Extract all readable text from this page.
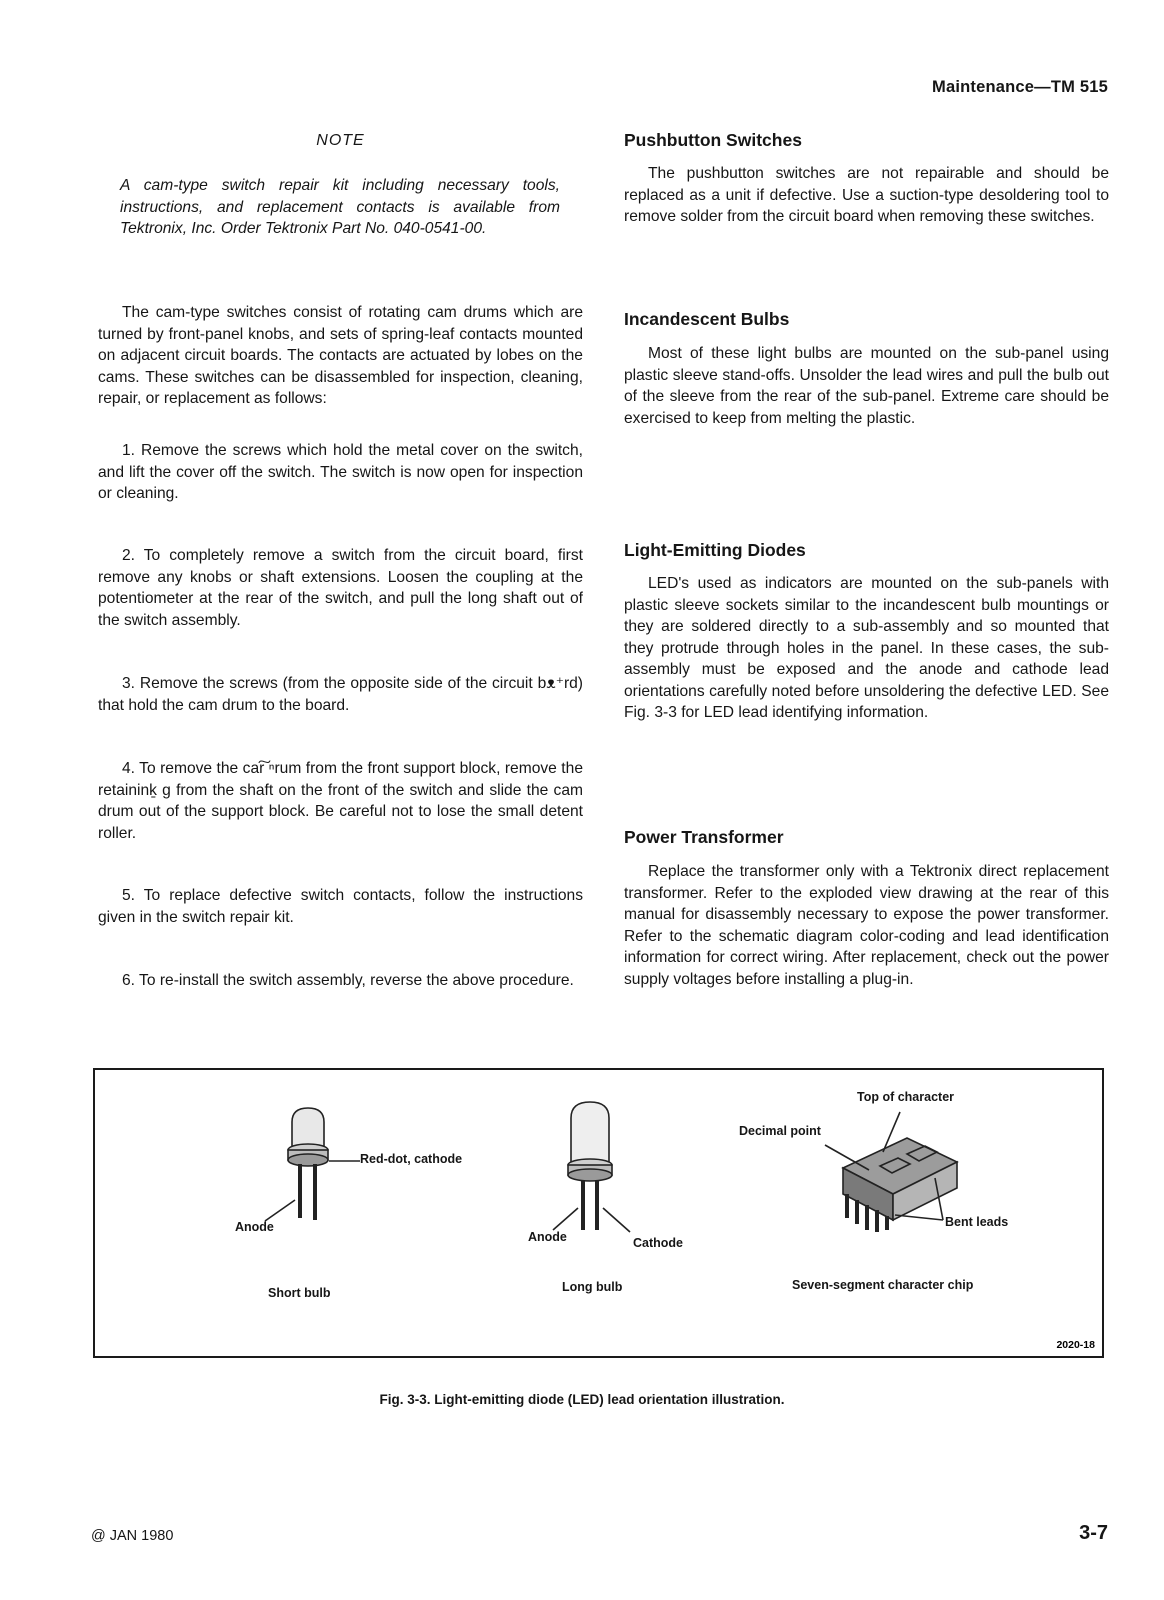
Maintenance—TM 515
NOTE
A cam-type switch repair kit including necessary tools, instructions, and replacement contacts is available from Tektronix, Inc. Order Tektronix Part No. 040-0541-00.

The cam-type switches consist of rotating cam drums which are turned by front-panel knobs, and sets of spring-leaf contacts mounted on adjacent circuit boards. The contacts are actuated by lobes on the cams. These switches can be disassembled for inspection, cleaning, repair, or replacement as follows:

1. Remove the screws which hold the metal cover on the switch, and lift the cover off the switch. The switch is now open for inspection or cleaning.

2. To completely remove a switch from the circuit board, first remove any knobs or shaft extensions. Loosen the coupling at the potentiometer at the rear of the switch, and pull the long shaft out of the switch assembly.

3. Remove the screws (from the opposite side of the circuit bᴥ⁺rd) that hold the cam drum to the board.

4. To remove the car͠ ⁿrum from the front support block, remove the retaininḵ ɡ from the shaft on the front of the switch and slide the cam drum out of the support block. Be careful not to lose the small detent roller.

5. To replace defective switch contacts, follow the instructions given in the switch repair kit.

6. To re-install the switch assembly, reverse the above procedure.

Pushbutton Switches

The pushbutton switches are not repairable and should be replaced as a unit if defective. Use a suction-type desoldering tool to remove solder from the circuit board when removing these switches.

Incandescent Bulbs

Most of these light bulbs are mounted on the sub-panel using plastic sleeve stand-offs. Unsolder the lead wires and pull the bulb out of the sleeve from the rear of the sub-panel. Extreme care should be exercised to keep from melting the plastic.

Light-Emitting Diodes

LED's used as indicators are mounted on the sub-panels with plastic sleeve sockets similar to the incandescent bulb mountings or they are soldered directly to a sub-assembly and so mounted that they protrude through holes in the panel. In these cases, the sub-assembly must be exposed and the anode and cathode lead orientations carefully noted before unsoldering the defective LED. See Fig. 3-3 for LED lead identifying information.

Power Transformer

Replace the transformer only with a Tektronix direct replacement transformer. Refer to the exploded view drawing at the rear of this manual for disassembly necessary to expose the power transformer. Refer to the schematic diagram color-coding and lead identification information for correct wiring. After replacement, check out the power supply voltages before installing a plug-in.

2020-18
Red-dot, cathode
Anode
Short bulb
Anode	Cathode
Long bulb
Top of character
Decimal point
Bent leads
Seven-segment character chip
Fig. 3-3. Light-emitting diode (LED) lead orientation illustration.
@ JAN 1980	3-7
